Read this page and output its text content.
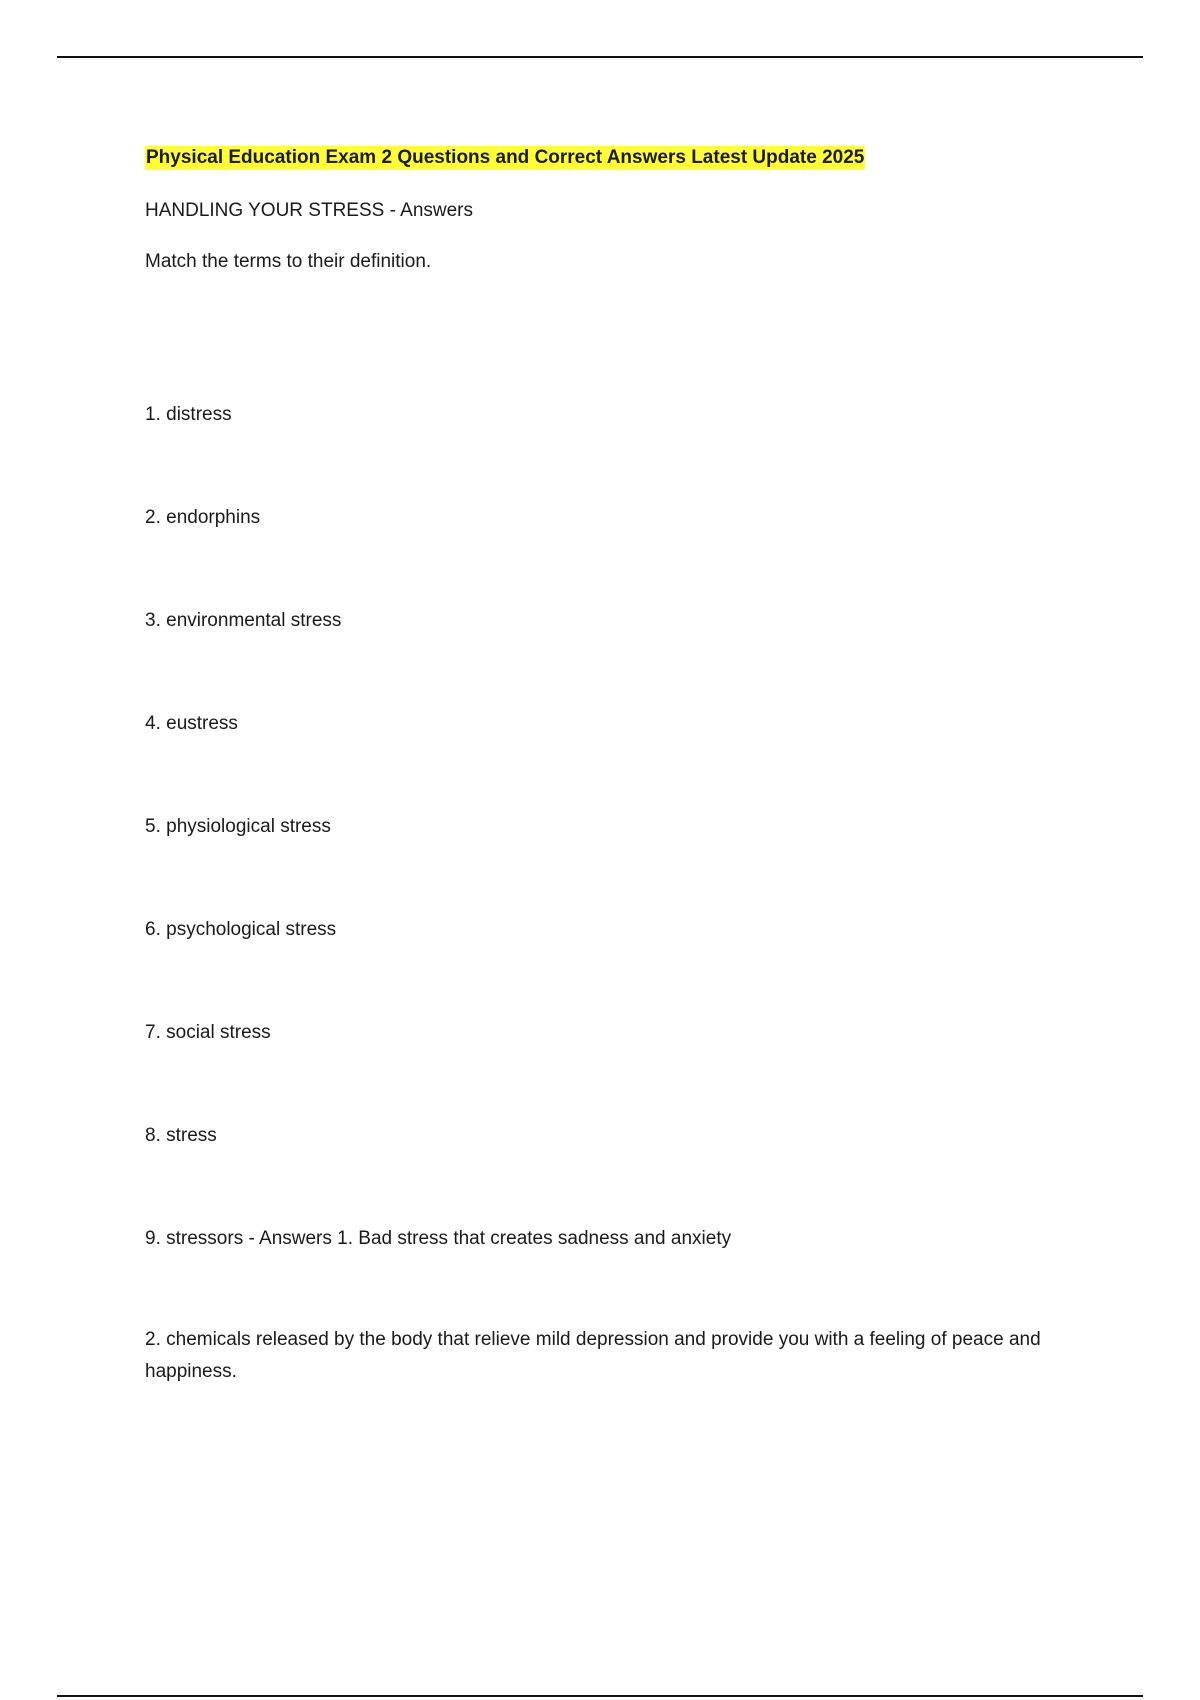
Physical Education Exam 2 Questions and Correct Answers Latest Update 2025
HANDLING YOUR STRESS - Answers
Match the terms to their definition.
1. distress
2. endorphins
3. environmental stress
4. eustress
5. physiological stress
6. psychological stress
7. social stress
8. stress
9. stressors - Answers 1. Bad stress that creates sadness and anxiety
2. chemicals released by the body that relieve mild depression and provide you with a feeling of peace and happiness.
